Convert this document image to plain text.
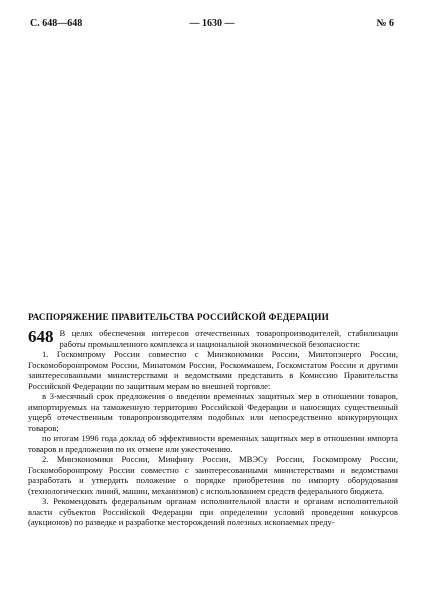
С. 648—648	— 1630 —	№ 6
РАСПОРЯЖЕНИЕ ПРАВИТЕЛЬСТВА РОССИЙСКОЙ ФЕДЕРАЦИИ
648 В целях обеспечения интересов отечественных товаропроизводителей, стабилизации работы промышленного комплекса и национальной экономической безопасности:

1. Госкомпрому России совместно с Минэкономики России, Минтопэнерго России, Госкомоборонпромом России, Минатомом России, Роскоммашем, Госкомстатом России и другими заинтересованными министерствами и ведомствами представить в Комиссию Правительства Российской Федерации по защитным мерам во внешней торговле:

в 3-месячный срок предложения о введении временных защитных мер в отношении товаров, импортируемых на таможенную территорию Российской Федерации и наносящих существенный ущерб отечественным товаропроизводителям подобных или непосредственно конкурирующих товаров;

по итогам 1996 года доклад об эффективности временных защитных мер в отношении импорта товаров и предложения по их отмене или ужесточению.

2. Минэкономики России, Минфину России, МВЭСу России, Госкомпрому России, Госкомоборонпрому России совместно с заинтересованными министерствами и ведомствами разработать и утвердить положение о порядке приобретения по импорту оборудования (технологических линий, машин, механизмов) с использованием средств федерального бюджета.

3. Рекомендовать федеральным органам исполнительной власти и органам исполнительной власти субъектов Российской Федерации при определении условий проведения конкурсов (аукционов) по разведке и разработке месторождений полезных ископаемых преду-
